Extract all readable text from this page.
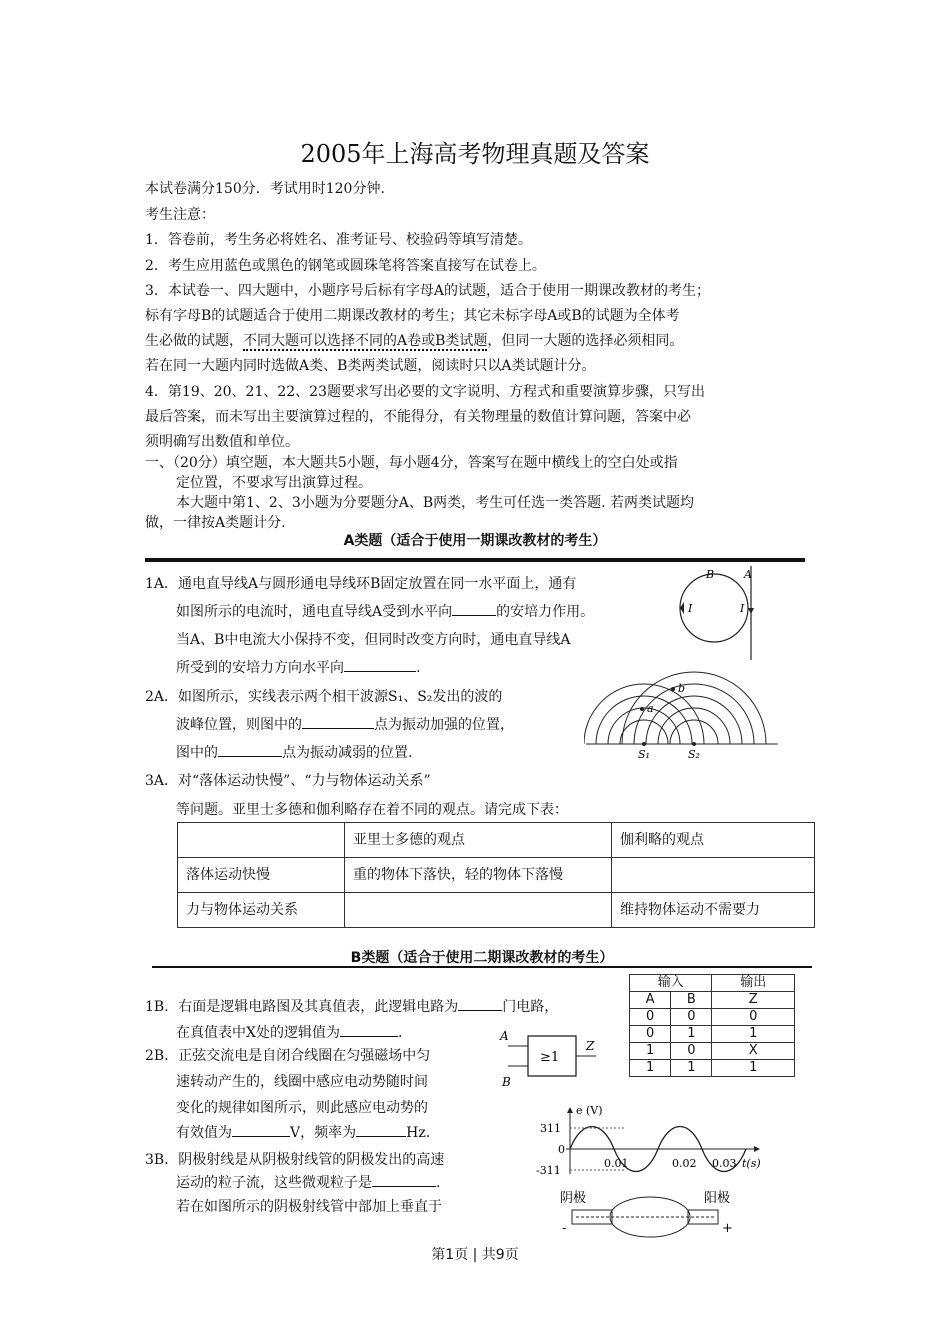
2005年上海高考物理真题及答案
本试卷满分150分．考试用时120分钟．
考生注意：
1．答卷前，考生务必将姓名、准考证号、校验码等填写清楚。
2．考生应用蓝色或黑色的钢笔或圆珠笔将答案直接写在试卷上。
3．本试卷一、四大题中，小题序号后标有字母A的试题，适合于使用一期课改教材的考生；
标有字母B的试题适合于使用二期课改教材的考生；其它未标字母A或B的试题为全体考
生必做的试题，不同大题可以选择不同的A卷或B类试题，但同一大题的选择必须相同。
若在同一大题内同时选做A类、B类两类试题，阅读时只以A类试题计分。
4．第19、20、21、22、23题要求写出必要的文字说明、方程式和重要演算步骤，只写出
最后答案，而未写出主要演算过程的，不能得分，有关物理量的数值计算问题，答案中必
须明确写出数值和单位。
一、（20分）填空题，本大题共5小题，每小题4分，答案写在题中横线上的空白处或指
定位置，不要求写出演算过程。
本大题中第1、2、3小题为分要题分A、B两类，考生可任选一类答题. 若两类试题均
做，一律按A类题计分.
A类题（适合于使用一期课改教材的考生）
1A．通电直导线A与圆形通电导线环B固定放置在同一水平面上，通有
如图所示的电流时，通电直导线A受到水平向	的安培力作用。
当A、B中电流大小保持不变，但同时改变方向时，通电直导线A
所受到的安培力方向水平向	.
B	A
I	I
2A．如图所示，实线表示两个相干波源S₁、S₂发出的波的
波峰位置，则图中的	点为振动加强的位置，
图中的	点为振动减弱的位置.
a
b
S₁	S₂
3A．对“落体运动快慢”、“力与物体运动关系”
等问题。亚里士多德和伽利略存在着不同的观点。请完成下表：
	亚里士多德的观点	伽利略的观点
落体运动快慢	重的物体下落快，轻的物体下落慢	
力与物体运动关系		维持物体运动不需要力
B类题（适合于使用二期课改教材的考生）
输入		输出
A	B	Z
0	0	0
0	1	1
1	0	X
1	1	1
1B．右面是逻辑电路图及其真值表，此逻辑电路为	门电路，
在真值表中X处的逻辑值为	.
≥1
A
B
Z
2B．正弦交流电是自闭合线圈在匀强磁场中匀
速转动产生的，线圈中感应电动势随时间
变化的规律如图所示，则此感应电动势的
有效值为	V，频率为	Hz.
e (V)
311
0
-311
0.01	0.02 0.03 t(s)
3B．阴极射线是从阴极射线管的阴极发出的高速
运动的粒子流，这些微观粒子是	.
若在如图所示的阴极射线管中部加上垂直于
阴极	阳极
-	+
第1页 | 共9页
